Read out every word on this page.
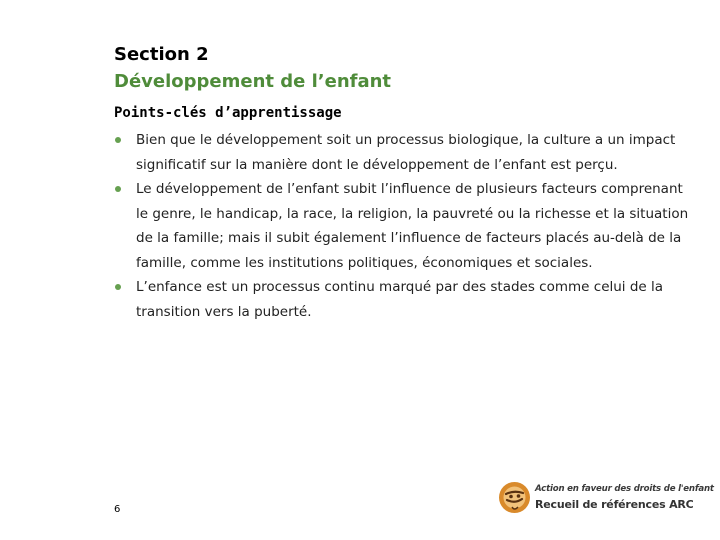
Section 2
Développement de l’enfant
Points-clés d’apprentissage
Bien que le développement soit un processus biologique, la culture a un impact significatif sur la manière dont le développement de l’enfant est perçu.
Le développement de l’enfant subit l’influence de plusieurs facteurs comprenant le genre, le handicap, la race, la religion, la pauvreté ou la richesse et la situation de la famille; mais il subit également l’influence de facteurs placés au-delà de la famille, comme les institutions politiques, économiques et sociales.
L’enfance est un processus continu marqué par des stades comme celui de la transition vers la puberté.
6
Action en faveur des droits de l'enfant
Recueil de références ARC
